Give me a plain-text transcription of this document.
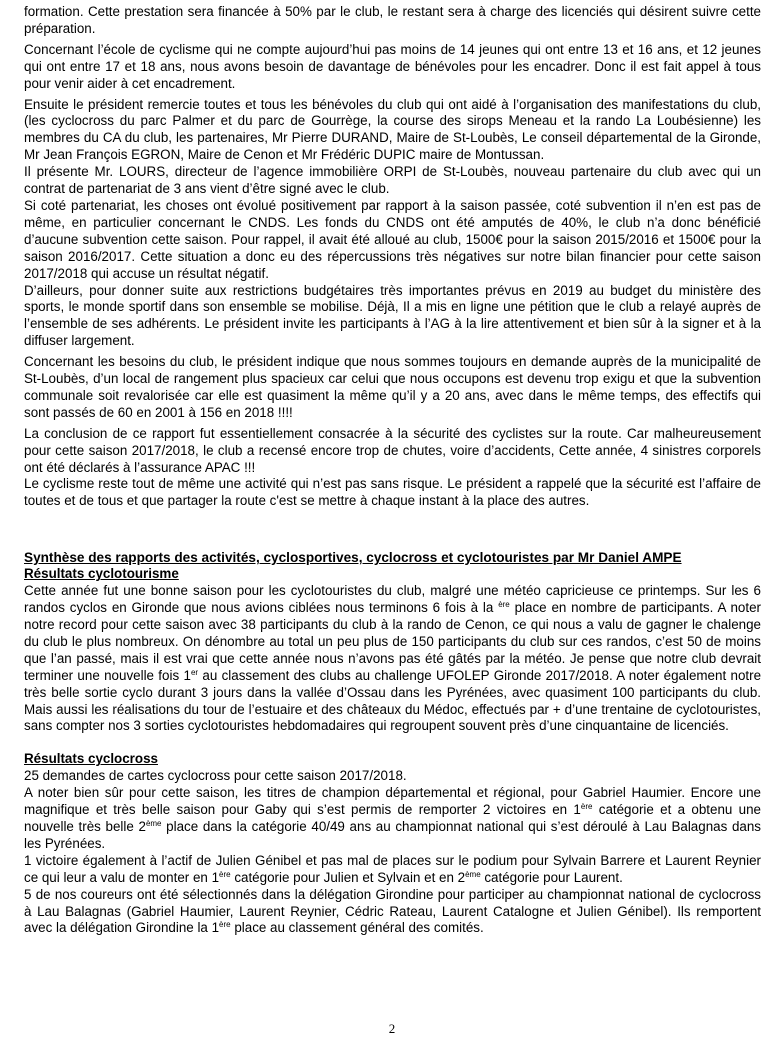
formation. Cette prestation sera financée à 50% par le club, le restant sera à charge des licenciés qui désirent suivre cette préparation.

Concernant l’école de cyclisme qui ne compte aujourd’hui pas moins de 14 jeunes qui ont entre 13 et 16 ans, et 12 jeunes qui ont entre 17 et 18 ans, nous avons besoin de davantage de bénévoles pour les encadrer. Donc il est fait appel à tous pour venir aider à cet encadrement.

Ensuite le président remercie toutes et tous les bénévoles du club qui ont aidé à l’organisation des manifestations du club, (les cyclocross du parc Palmer et du parc de Gourrège, la course des sirops Meneau et la rando La Loubésienne) les membres du CA du club, les partenaires, Mr Pierre DURAND, Maire de St-Loubès, Le conseil départemental de la Gironde, Mr Jean François EGRON, Maire de Cenon et Mr Frédéric DUPIC maire de Montussan.

Il présente Mr. LOURS, directeur de l’agence immobilière ORPI de St-Loubès, nouveau partenaire du club avec qui un contrat de partenariat de 3 ans vient d’être signé avec le club.

Si coté partenariat, les choses ont évolué positivement par rapport à la saison passée, coté subvention il n’en est pas de même, en particulier concernant le CNDS. Les fonds du CNDS ont été amputés de 40%, le club n’a donc bénéficié d’aucune subvention cette saison. Pour rappel, il avait été alloué au club, 1500€ pour la saison 2015/2016 et 1500€ pour la saison 2016/2017. Cette situation a donc eu des répercussions très négatives sur notre bilan financier pour cette saison 2017/2018 qui accuse un résultat négatif.

D’ailleurs, pour donner suite aux restrictions budgétaires très importantes prévus en 2019 au budget du ministère des sports, le monde sportif dans son ensemble se mobilise. Déjà, Il a mis en ligne une pétition que le club a relayé auprès de l’ensemble de ses adhérents. Le président invite les participants à l’AG à la lire attentivement et bien sûr à la signer et à la diffuser largement.

Concernant les besoins du club, le président indique que nous sommes toujours en demande auprès de la municipalité de St-Loubès, d’un local de rangement plus spacieux car celui que nous occupons est devenu trop exigu et que la subvention communale soit revalorisée car elle est quasiment la même qu’il y a 20 ans, avec dans le même temps, des effectifs qui sont passés de 60 en 2001 à 156 en 2018 !!!!

La conclusion de ce rapport fut essentiellement consacrée à la sécurité des cyclistes sur la route. Car malheureusement pour cette saison 2017/2018, le club a recensé encore trop de chutes, voire d’accidents, Cette année, 4 sinistres corporels ont été déclarés à l’assurance APAC !!!

Le cyclisme reste tout de même une activité qui n’est pas sans risque. Le président a rappelé que la sécurité est l’affaire de toutes et de tous et que partager la route c'est se mettre à chaque instant à la place des autres.

Synthèse des rapports des activités, cyclosportives, cyclocross et cyclotouristes par Mr Daniel AMPE

Résultats cyclotourisme

Cette année fut une bonne saison pour les cyclotouristes du club, malgré une météo capricieuse ce printemps. Sur les 6 randos cyclos en Gironde que nous avions ciblées nous terminons 6 fois à la $^{ère}$ place en nombre de participants. A noter notre record pour cette saison avec 38 participants du club à la rando de Cenon, ce qui nous a valu de gagner le chalenge du club le plus nombreux. On dénombre au total un peu plus de 150 participants du club sur ces randos, c’est 50 de moins que l’an passé, mais il est vrai que cette année nous n’avons pas été gâtés par la météo. Je pense que notre club devrait terminer une nouvelle fois 1er au classement des clubs au challenge UFOLEP Gironde 2017/2018. A noter également notre très belle sortie cyclo durant 3 jours dans la vallée d’Ossau dans les Pyrénées, avec quasiment 100 participants du club. Mais aussi les réalisations du tour de l’estuaire et des châteaux du Médoc, effectués par + d’une trentaine de cyclotouristes, sans compter nos 3 sorties cyclotouristes hebdomadaires qui regroupent souvent près d’une cinquantaine de licenciés.

Résultats cyclocross

25 demandes de cartes cyclocross pour cette saison 2017/2018.

A noter bien sûr pour cette saison, les titres de champion départemental et régional, pour Gabriel Haumier. Encore une magnifique et très belle saison pour Gaby qui s’est permis de remporter 2 victoires en 1ère catégorie et a obtenu une nouvelle très belle 2ème place dans la catégorie 40/49 ans au championnat national qui s’est déroulé à Lau Balagnas dans les Pyrénées.

1 victoire également à l’actif de Julien Génibel et pas mal de places sur le podium pour Sylvain Barrere et Laurent Reynier ce qui leur a valu de monter en 1ère catégorie pour Julien et Sylvain et en 2ème catégorie pour Laurent.

5 de nos coureurs ont été sélectionnés dans la délégation Girondine pour participer au championnat national de cyclocross à Lau Balagnas (Gabriel Haumier, Laurent Reynier, Cédric Rateau, Laurent Catalogne et Julien Génibel). Ils remportent avec la délégation Girondine la 1ère place au classement général des comités.

2
